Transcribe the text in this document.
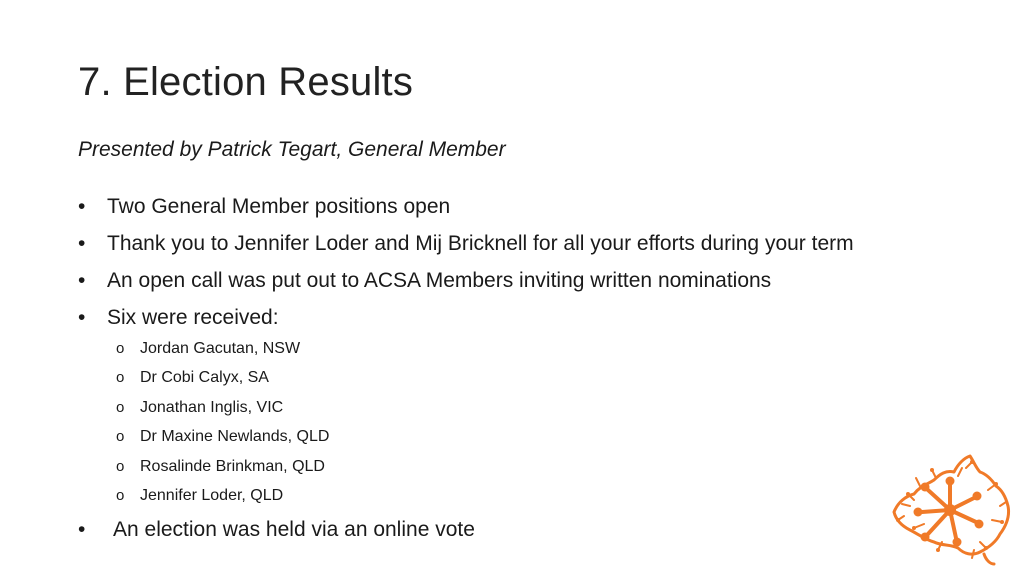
7. Election Results

Presented by Patrick Tegart, General Member

• Two General Member positions open
• Thank you to Jennifer Loder and Mij Bricknell for all your efforts during your term
• An open call was put out to ACSA Members inviting written nominations
• Six were received:
o Jordan Gacutan, NSW
o Dr Cobi Calyx, SA
o Jonathan Inglis, VIC
o Dr Maxine Newlands, QLD
o Rosalinde Brinkman, QLD
o Jennifer Loder, QLD
• An election was held via an online vote
